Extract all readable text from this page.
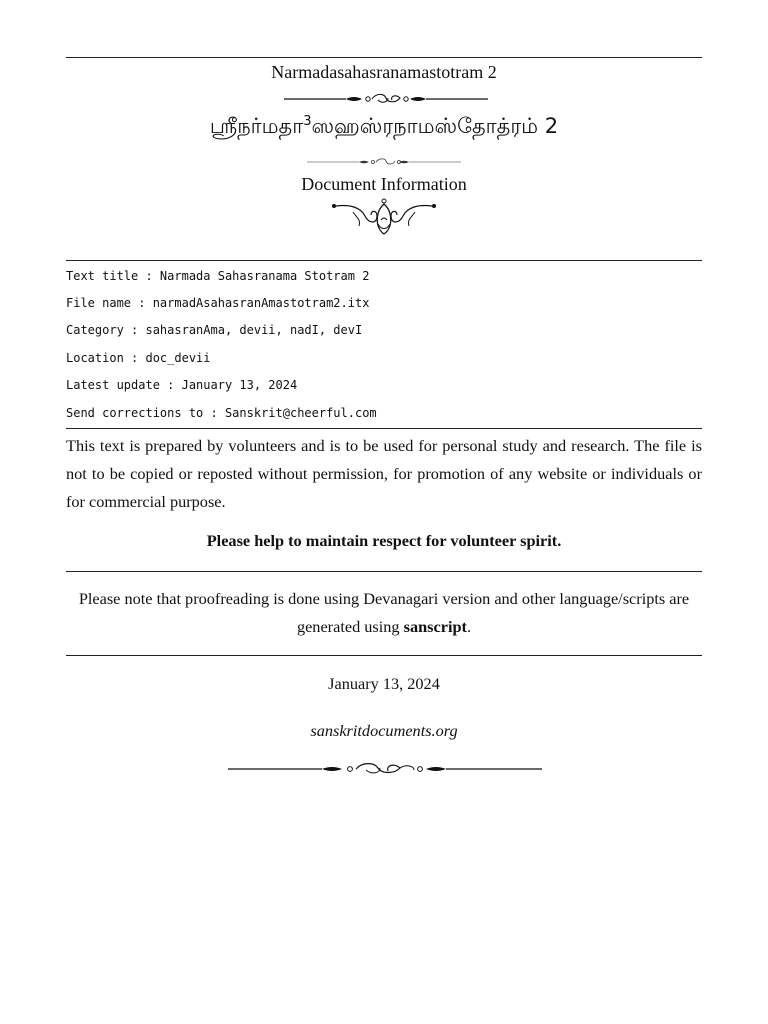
Narmadasahasranamastotram 2
ஶ்ரீநர்மதா$^3$ஸஹஸ்ரநாமஸ்தோத்ரம் 2
Document Information
Text title : Narmada Sahasranama Stotram 2
File name : narmadAsahasranAmastotram2.itx
Category : sahasranAma, devii, nadI, devI
Location : doc_devii
Latest update : January 13, 2024
Send corrections to : Sanskrit@cheerful.com
This text is prepared by volunteers and is to be used for personal study and research. The file is not to be copied or reposted without permission, for promotion of any website or individuals or for commercial purpose.
Please help to maintain respect for volunteer spirit.
Please note that proofreading is done using Devanagari version and other language/scripts are generated using sanscript.
January 13, 2024
sanskritdocuments.org
